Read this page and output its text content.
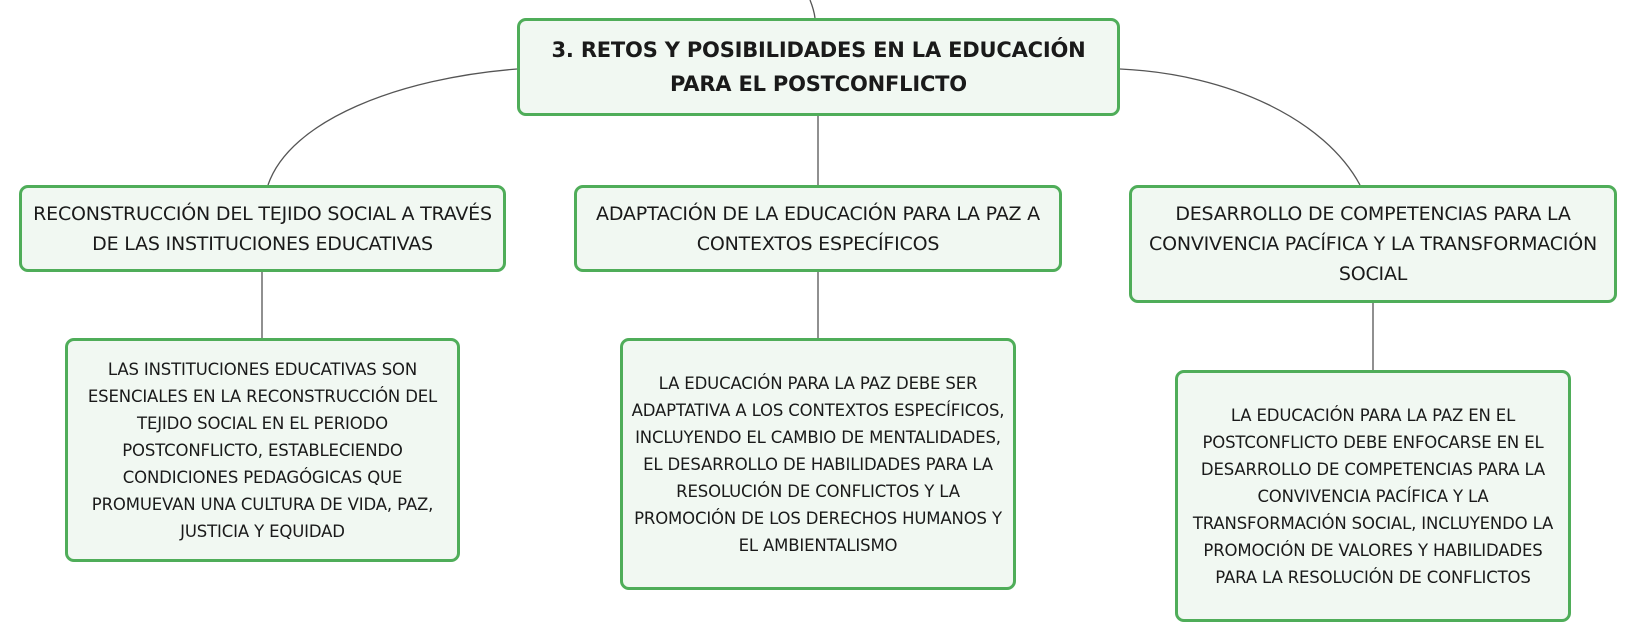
3. RETOS Y POSIBILIDADES EN LA EDUCACIÓN PARA EL POSTCONFLICTO
RECONSTRUCCIÓN DEL TEJIDO SOCIAL A TRAVÉS DE LAS INSTITUCIONES EDUCATIVAS
ADAPTACIÓN DE LA EDUCACIÓN PARA LA PAZ A CONTEXTOS ESPECÍFICOS
DESARROLLO DE COMPETENCIAS PARA LA CONVIVENCIA PACÍFICA Y LA TRANSFORMACIÓN SOCIAL
LAS INSTITUCIONES EDUCATIVAS SON ESENCIALES EN LA RECONSTRUCCIÓN DEL TEJIDO SOCIAL EN EL PERIODO POSTCONFLICTO, ESTABLECIENDO CONDICIONES PEDAGÓGICAS QUE PROMUEVAN UNA CULTURA DE VIDA, PAZ, JUSTICIA Y EQUIDAD
LA EDUCACIÓN PARA LA PAZ DEBE SER ADAPTATIVA A LOS CONTEXTOS ESPECÍFICOS, INCLUYENDO EL CAMBIO DE MENTALIDADES, EL DESARROLLO DE HABILIDADES PARA LA RESOLUCIÓN DE CONFLICTOS Y LA PROMOCIÓN DE LOS DERECHOS HUMANOS Y EL AMBIENTALISMO
LA EDUCACIÓN PARA LA PAZ EN EL POSTCONFLICTO DEBE ENFOCARSE EN EL DESARROLLO DE COMPETENCIAS PARA LA CONVIVENCIA PACÍFICA Y LA TRANSFORMACIÓN SOCIAL, INCLUYENDO LA PROMOCIÓN DE VALORES Y HABILIDADES PARA LA RESOLUCIÓN DE CONFLICTOS
